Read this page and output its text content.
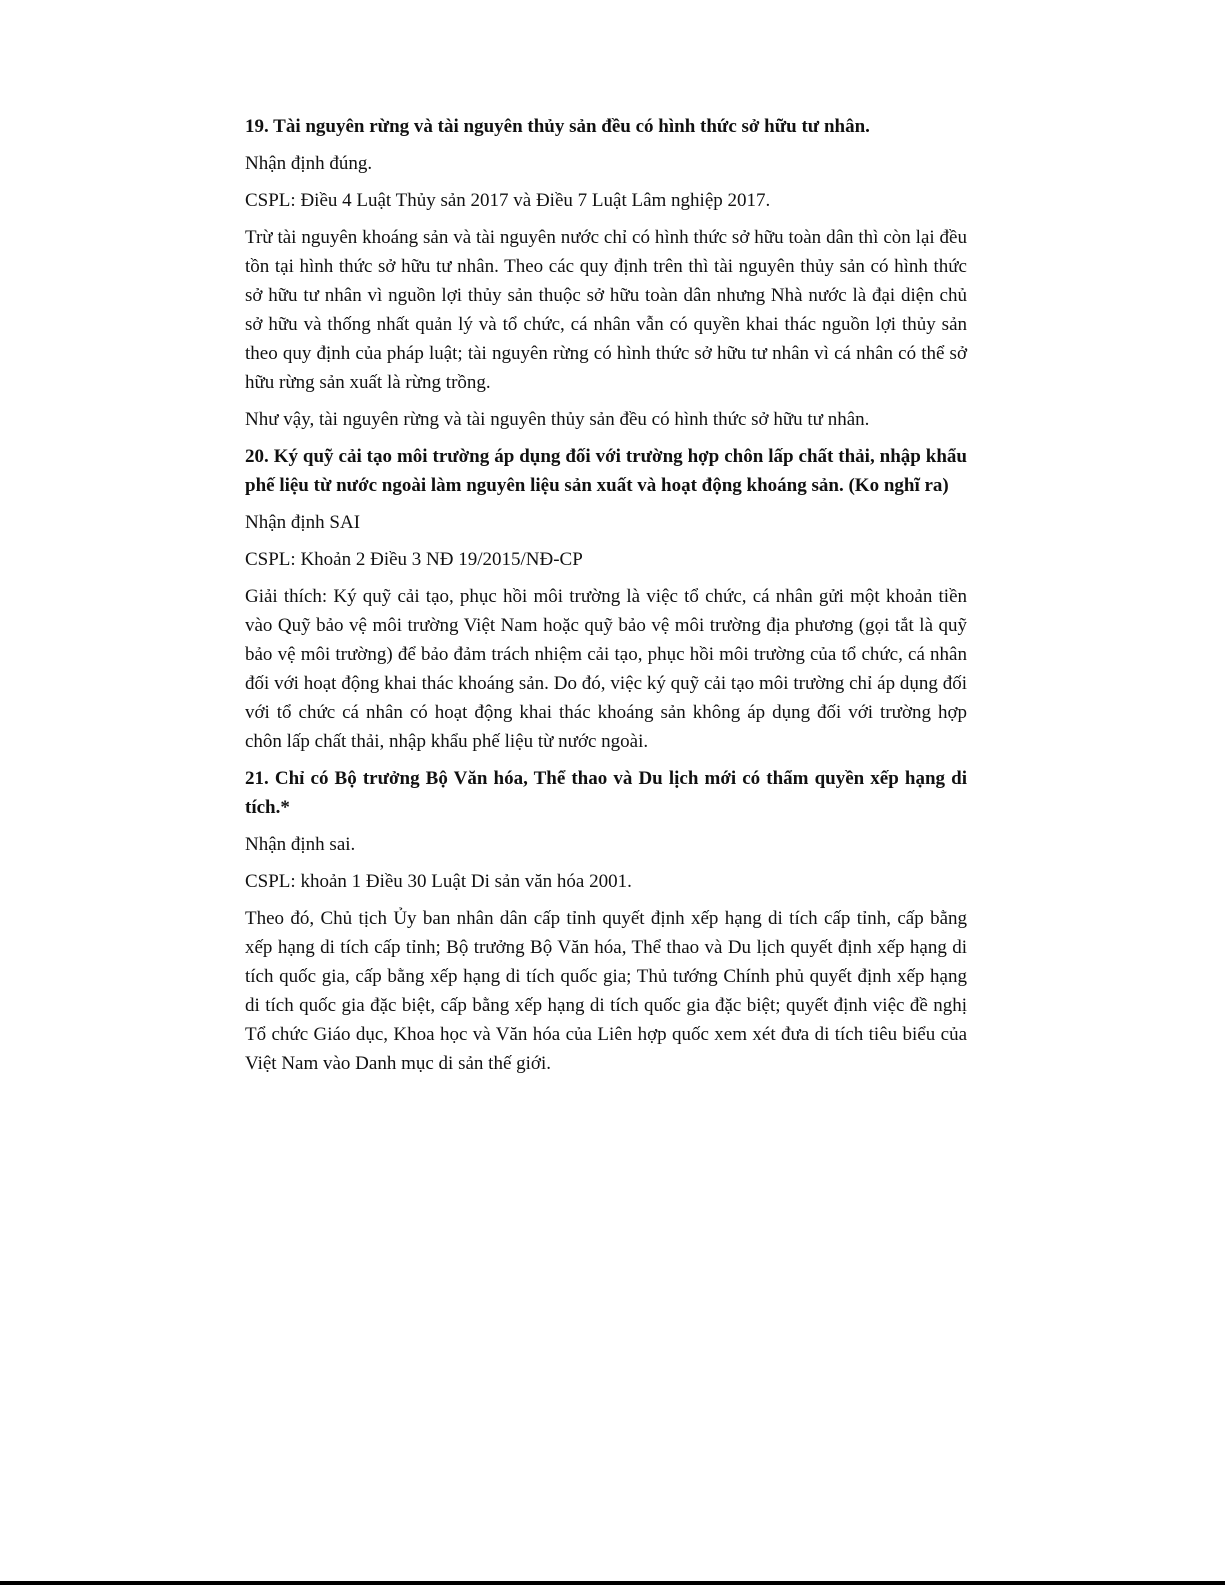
19. Tài nguyên rừng và tài nguyên thủy sản đều có hình thức sở hữu tư nhân.

Nhận định đúng.

CSPL: Điều 4 Luật Thủy sản 2017 và Điều 7 Luật Lâm nghiệp 2017.

Trừ tài nguyên khoáng sản và tài nguyên nước chỉ có hình thức sở hữu toàn dân thì còn lại đều tồn tại hình thức sở hữu tư nhân. Theo các quy định trên thì tài nguyên thủy sản có hình thức sở hữu tư nhân vì nguồn lợi thủy sản thuộc sở hữu toàn dân nhưng Nhà nước là đại diện chủ sở hữu và thống nhất quản lý và tổ chức, cá nhân vẫn có quyền khai thác nguồn lợi thủy sản theo quy định của pháp luật; tài nguyên rừng có hình thức sở hữu tư nhân vì cá nhân có thể sở hữu rừng sản xuất là rừng trồng.

Như vậy, tài nguyên rừng và tài nguyên thủy sản đều có hình thức sở hữu tư nhân.

20. Ký quỹ cải tạo môi trường áp dụng đối với trường hợp chôn lấp chất thải, nhập khẩu phế liệu từ nước ngoài làm nguyên liệu sản xuất và hoạt động khoáng sản. (Ko nghĩ ra)

Nhận định SAI

CSPL: Khoản 2 Điều 3 NĐ 19/2015/NĐ-CP

Giải thích: Ký quỹ cải tạo, phục hồi môi trường là việc tổ chức, cá nhân gửi một khoản tiền vào Quỹ bảo vệ môi trường Việt Nam hoặc quỹ bảo vệ môi trường địa phương (gọi tắt là quỹ bảo vệ môi trường) để bảo đảm trách nhiệm cải tạo, phục hồi môi trường của tổ chức, cá nhân đối với hoạt động khai thác khoáng sản. Do đó, việc ký quỹ cải tạo môi trường chỉ áp dụng đối với tổ chức cá nhân có hoạt động khai thác khoáng sản không áp dụng đối với trường hợp chôn lấp chất thải, nhập khẩu phế liệu từ nước ngoài.

21. Chỉ có Bộ trưởng Bộ Văn hóa, Thể thao và Du lịch mới có thẩm quyền xếp hạng di tích.*

Nhận định sai.

CSPL: khoản 1 Điều 30 Luật Di sản văn hóa 2001.

Theo đó, Chủ tịch Ủy ban nhân dân cấp tỉnh quyết định xếp hạng di tích cấp tỉnh, cấp bằng xếp hạng di tích cấp tỉnh; Bộ trưởng Bộ Văn hóa, Thể thao và Du lịch quyết định xếp hạng di tích quốc gia, cấp bằng xếp hạng di tích quốc gia; Thủ tướng Chính phủ quyết định xếp hạng di tích quốc gia đặc biệt, cấp bằng xếp hạng di tích quốc gia đặc biệt; quyết định việc đề nghị Tổ chức Giáo dục, Khoa học và Văn hóa của Liên hợp quốc xem xét đưa di tích tiêu biểu của Việt Nam vào Danh mục di sản thế giới.
